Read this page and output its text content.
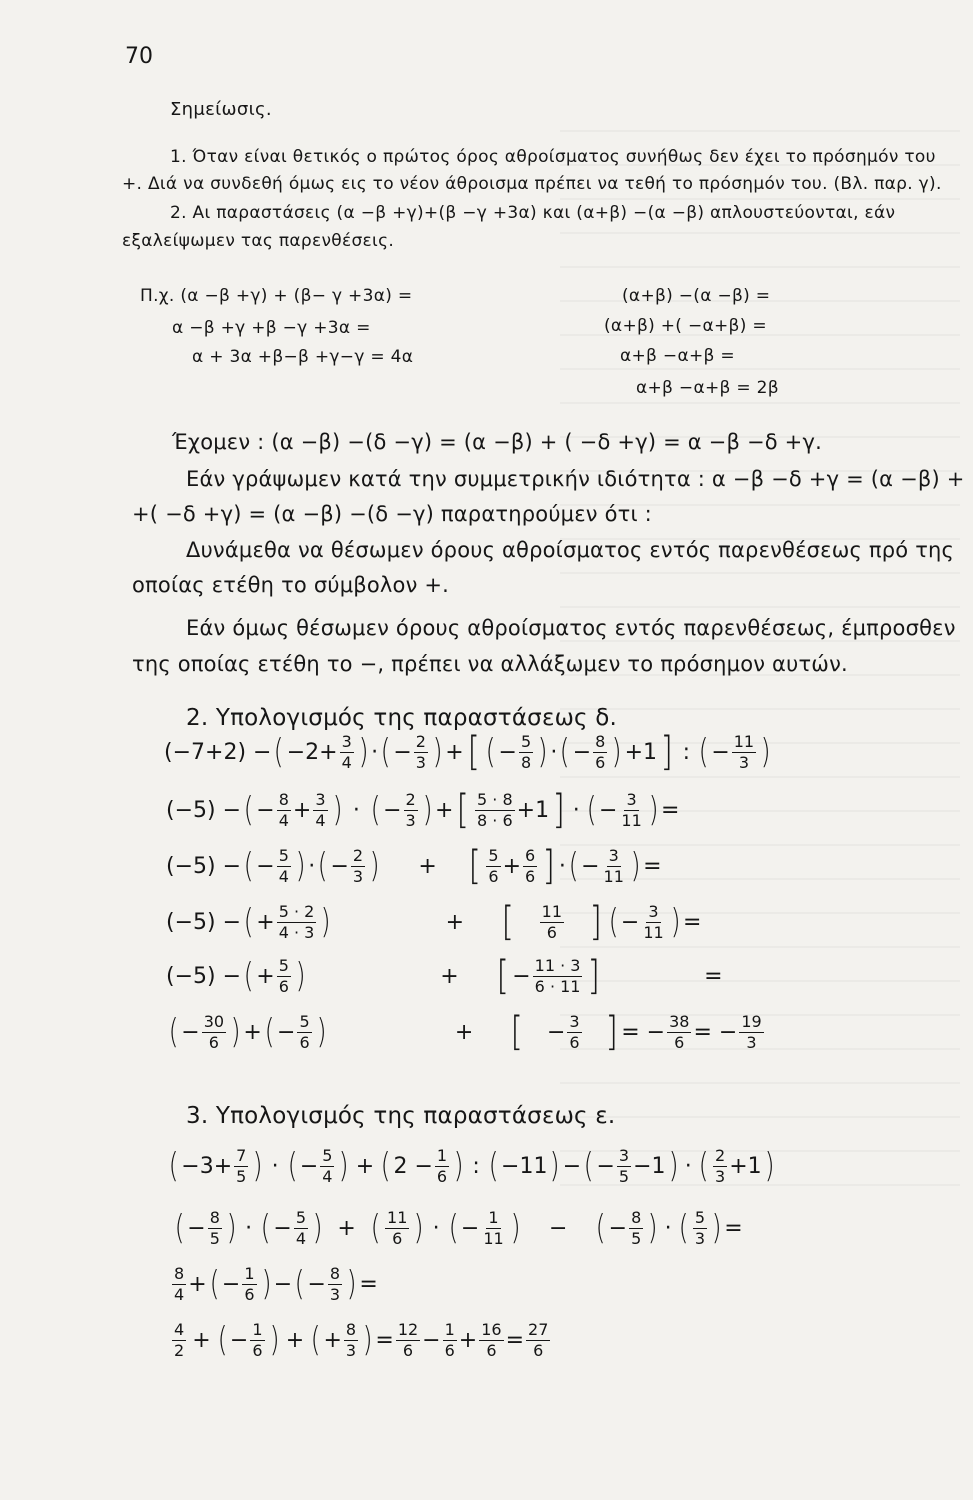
70
Σημείωσις.
1. Όταν είναι θετικός ο πρώτος όρος αθροίσματος συνήθως δεν έχει το πρόσημόν του
+. Διά να συνδεθή όμως εις το νέον άθροισμα πρέπει να τεθή το πρόσημόν του. (Βλ. παρ. γ).
2. Αι παραστάσεις (α −β +γ)+(β −γ +3α) και (α+β) −(α −β) απλουστεύονται, εάν
εξαλείψωμεν τας παρενθέσεις.
Π.χ. (α −β +γ) + (β− γ +3α) =
α −β +γ +β −γ +3α =
α + 3α +β−β +γ−γ = 4α
(α+β) −(α −β) =
(α+β) +( −α+β) =
α+β −α+β =
α+β −α+β = 2β
Έχομεν : (α −β) −(δ −γ) = (α −β) + ( −δ +γ) = α −β −δ +γ.
Εάν γράψωμεν κατά την συμμετρικήν ιδιότητα : α −β −δ +γ = (α −β) +
+( −δ +γ) = (α −β) −(δ −γ) παρατηρούμεν ότι :
Δυνάμεθα να θέσωμεν όρους αθροίσματος εντός παρενθέσεως πρό της
οποίας ετέθη το σύμβολον +.
Εάν όμως θέσωμεν όρους αθροίσματος εντός παρενθέσεως, έμπροσθεν
της οποίας ετέθη το −, πρέπει να αλλάξωμεν το πρόσημον αυτών.
2. Υπολογισμός της παραστάσεως δ.
(−7+2) − ( $-2+ \frac{3}{4}$ ) · ( − $\frac{2}{3}$ ) + [ ( − $\frac{5}{8}$ ) · ( − $\frac{8}{6}$ ) +1 ] : ( − $\frac{11}{3}$ )
(−5) − ( − $\frac{8}{4} + \frac{3}{4}$ ) · ( − $\frac{2}{3}$ ) + [ $\frac{5 \cdot 8}{8 \cdot 6} +1$ ] · ( − $\frac{3}{11}$ ) =
(−5) − ( − $\frac{5}{4}$ ) · ( − $\frac{2}{3}$ ) + [ $\frac{5}{6} + \frac{6}{6}$ ] · ( − $\frac{3}{11}$ ) =
(−5) − ( + $\frac{5 \cdot 2}{4 \cdot 3}$ )	+ [ $\frac{11}{6}$ ] ( − $\frac{3}{11}$ ) =
(−5) − ( + $\frac{5}{6}$ )	+ [ − $\frac{11 \cdot 3}{6 \cdot 11}$ ]	=
( − $\frac{30}{6}$ ) + ( − $\frac{5}{6}$ )	+ [ − $\frac{3}{6}$ ] = − $\frac{38}{6}$ = − $\frac{19}{3}$
3. Υπολογισμός της παραστάσεως ε.
( $-3+ \frac{7}{5}$ ) · ( − $\frac{5}{4}$ ) + ( $2 - \frac{1}{6}$ ) : ( −11 ) − ( − $\frac{3}{5} -1$ ) · ( $\frac{2}{3} +1$ )
( − $\frac{8}{5}$ ) · ( − $\frac{5}{4}$ ) + ( $\frac{11}{6}$ ) · ( − $\frac{1}{11}$ ) − ( − $\frac{8}{5}$ ) · ( $\frac{5}{3}$ ) =
$\frac{8}{4}$ + ( − $\frac{1}{6}$ ) − ( − $\frac{8}{3}$ ) =
$\frac{4}{2}$ + ( − $\frac{1}{6}$ ) + ( + $\frac{8}{3}$ ) = $\frac{12}{6} - \frac{1}{6} + \frac{16}{6} = \frac{27}{6}$
